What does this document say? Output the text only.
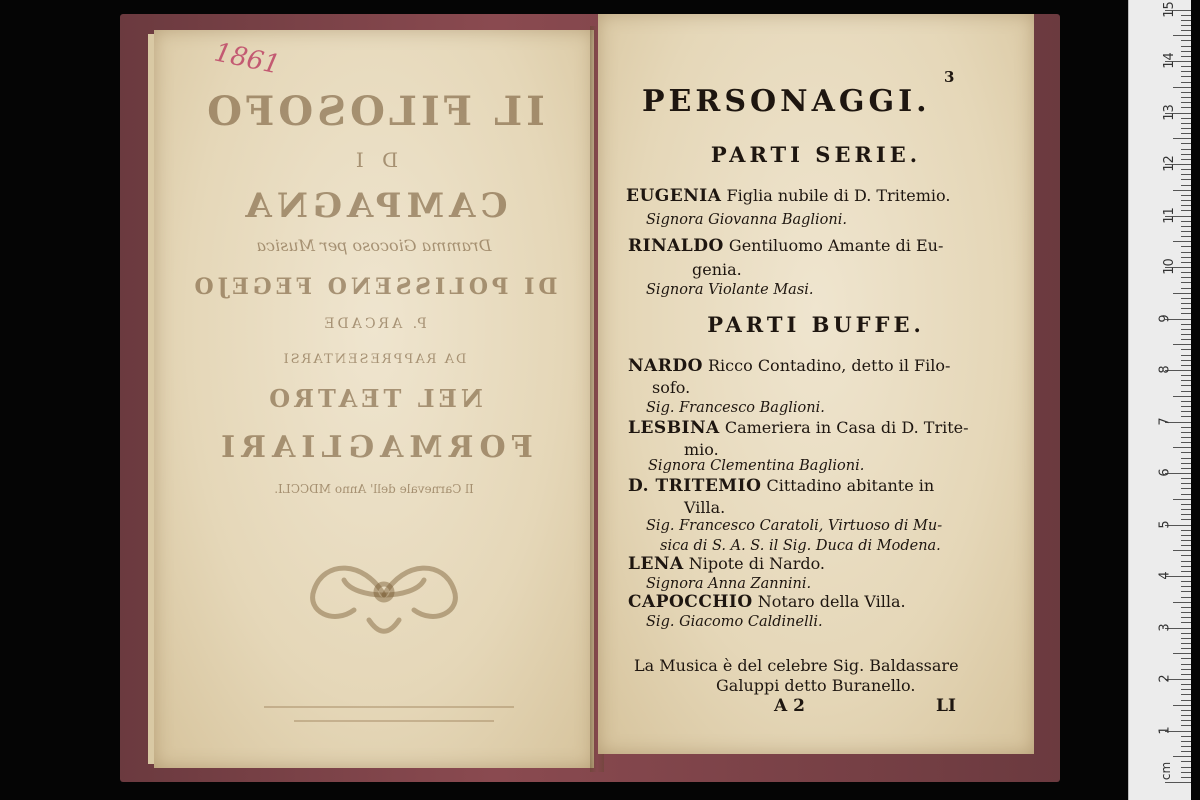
1861
IL FILOSOFO
D I
CAMPAGNA
Dramma Giocoso per Musica
DI POLISSENO FEGEJO
P. ARCADE
DA RAPPRESENTARSI
NEL TEATRO
FORMAGLIARI
Il Carnevale dell' Anno MDCCLI.
3
PERSONAGGI.
PARTI SERIE.
PARTI BUFFE.
EUGENIA Figlia nubile di D. Tritemio.
Signora Giovanna Baglioni.
RINALDO Gentiluomo Amante di Eu-
genia.
Signora Violante Masi.
NARDO Ricco Contadino, detto il Filo-
sofo.
Sig. Francesco Baglioni.
LESBINA Cameriera in Casa di D. Trite-
mio.
Signora Clementina Baglioni.
D. TRITEMIO Cittadino abitante in
Villa.
Sig. Francesco Caratoli, Virtuoso di Mu-
sica di S. A. S. il Sig. Duca di Modena.
LENA Nipote di Nardo.
Signora Anna Zannini.
CAPOCCHIO Notaro della Villa.
Sig. Giacomo Caldinelli.
La Musica è del celebre Sig. Baldassare
Galuppi detto Buranello.
A 2	LI
1
2
3
4
5
6
7
8
9
10
11
12
13
14
15
cm
